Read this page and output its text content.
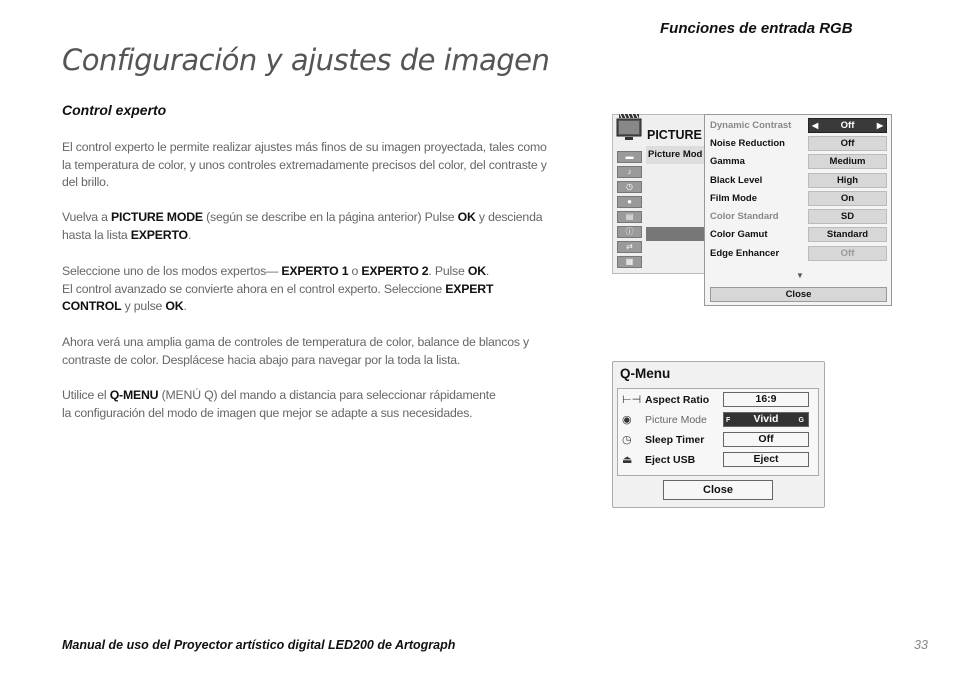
Funciones de entrada RGB
Configuración y ajustes de imagen
Control experto
El control experto le permite realizar ajustes más finos de su imagen proyectada, tales como la temperatura de color, y unos controles extremadamente precisos del color, del contraste y del brillo.
Vuelva a PICTURE MODE (según se describe en la página anterior) Pulse OK y descienda hasta la lista EXPERTO.
Seleccione uno de los modos expertos— EXPERTO 1 o EXPERTO 2. Pulse OK.
El control avanzado se convierte ahora en el control experto. Seleccione EXPERT CONTROL y pulse OK.
Ahora verá una amplia gama de controles de temperatura de color, balance de blancos y contraste de color. Desplácese hacia abajo para navegar por la toda la lista.
Utilice el Q-MENU (MENÚ Q) del mando a distancia para seleccionar rápidamente
la configuración del modo de imagen que mejor se adapte a sus necesidades.
PICTURE
Picture Mod
▬
♪
◷
●
▤
ⓘ
⇄
▦
Dynamic Contrast	◀ Off	▶
Noise Reduction	Off
Gamma	Medium
Black Level	High
Film Mode	On
Color Standard	SD
Color Gamut	Standard
Edge Enhancer	Off
▼
Close
Q-Menu
⊢⊣ Aspect Ratio	16:9
◉	Picture Mode	F Vivid	G
◷	Sleep Timer	Off
⏏	Eject USB	Eject
Close
Manual de uso del Proyector artístico digital LED200 de Artograph	33
